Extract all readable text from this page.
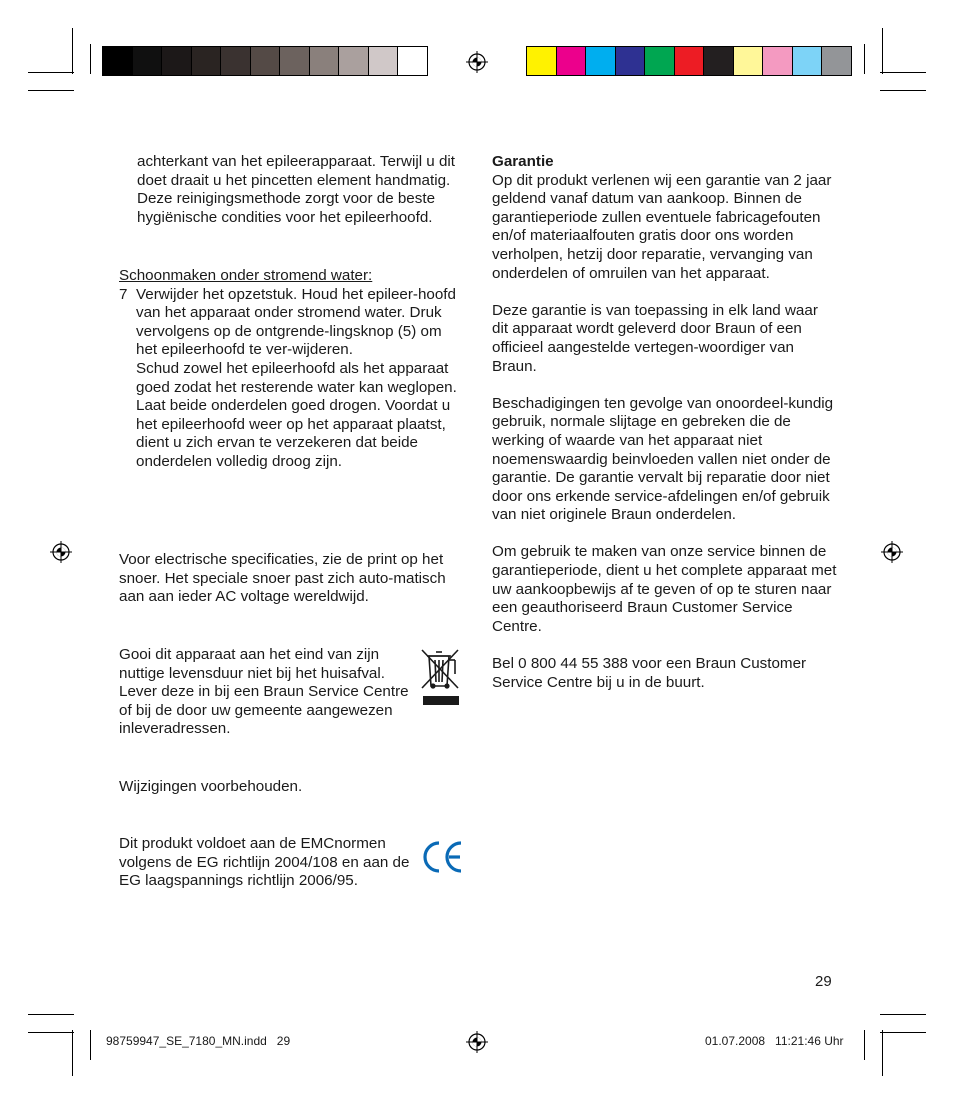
achterkant van het epileerapparaat. Terwijl u dit doet draait u het pincetten element handmatig. Deze reinigingsmethode zorgt voor de beste hygiënische condities voor het epileerhoofd.

Schoonmaken onder stromend water:

7 Verwijder het opzetstuk. Houd het epileer-hoofd van het apparaat onder stromend water. Druk vervolgens op de ontgrende-lingsknop (5) om het epileerhoofd te ver-wijderen.

Schud zowel het epileerhoofd als het apparaat goed zodat het resterende water kan weglopen. Laat beide onderdelen goed drogen. Voordat u het epileerhoofd weer op het apparaat plaatst, dient u zich ervan te verzekeren dat beide onderdelen volledig droog zijn.

Voor electrische specificaties, zie de print op het snoer. Het speciale snoer past zich auto-matisch aan aan ieder AC voltage wereldwijd.

Gooi dit apparaat aan het eind van zijn nuttige levensduur niet bij het huisafval. Lever deze in bij een Braun Service Centre of bij de door uw gemeente aangewezen inleveradressen.

Wijzigingen voorbehouden.

Dit produkt voldoet aan de EMCnormen volgens de EG richtlijn 2004/108 en aan de EG laagspannings richtlijn 2006/95.

Garantie

Op dit produkt verlenen wij een garantie van 2 jaar geldend vanaf datum van aankoop. Binnen de garantieperiode zullen eventuele fabricagefouten en/of materiaalfouten gratis door ons worden verholpen, hetzij door reparatie, vervanging van onderdelen of omruilen van het apparaat.

Deze garantie is van toepassing in elk land waar dit apparaat wordt geleverd door Braun of een officieel aangestelde vertegen-woordiger van Braun.

Beschadigingen ten gevolge van onoordeel-kundig gebruik, normale slijtage en gebreken die de werking of waarde van het apparaat niet noemenswaardig beinvloeden vallen niet onder de garantie. De garantie vervalt bij reparatie door niet door ons erkende service-afdelingen en/of gebruik van niet originele Braun onderdelen.

Om gebruik te maken van onze service binnen de garantieperiode, dient u het complete apparaat met uw aankoopbewijs af te geven of op te sturen naar een geauthoriseerd Braun Customer Service Centre.

Bel 0 800 44 55 388 voor een Braun Customer Service Centre bij u in de buurt.

29
98759947_SE_7180_MN.indd   29	01.07.2008   11:21:46 Uhr
